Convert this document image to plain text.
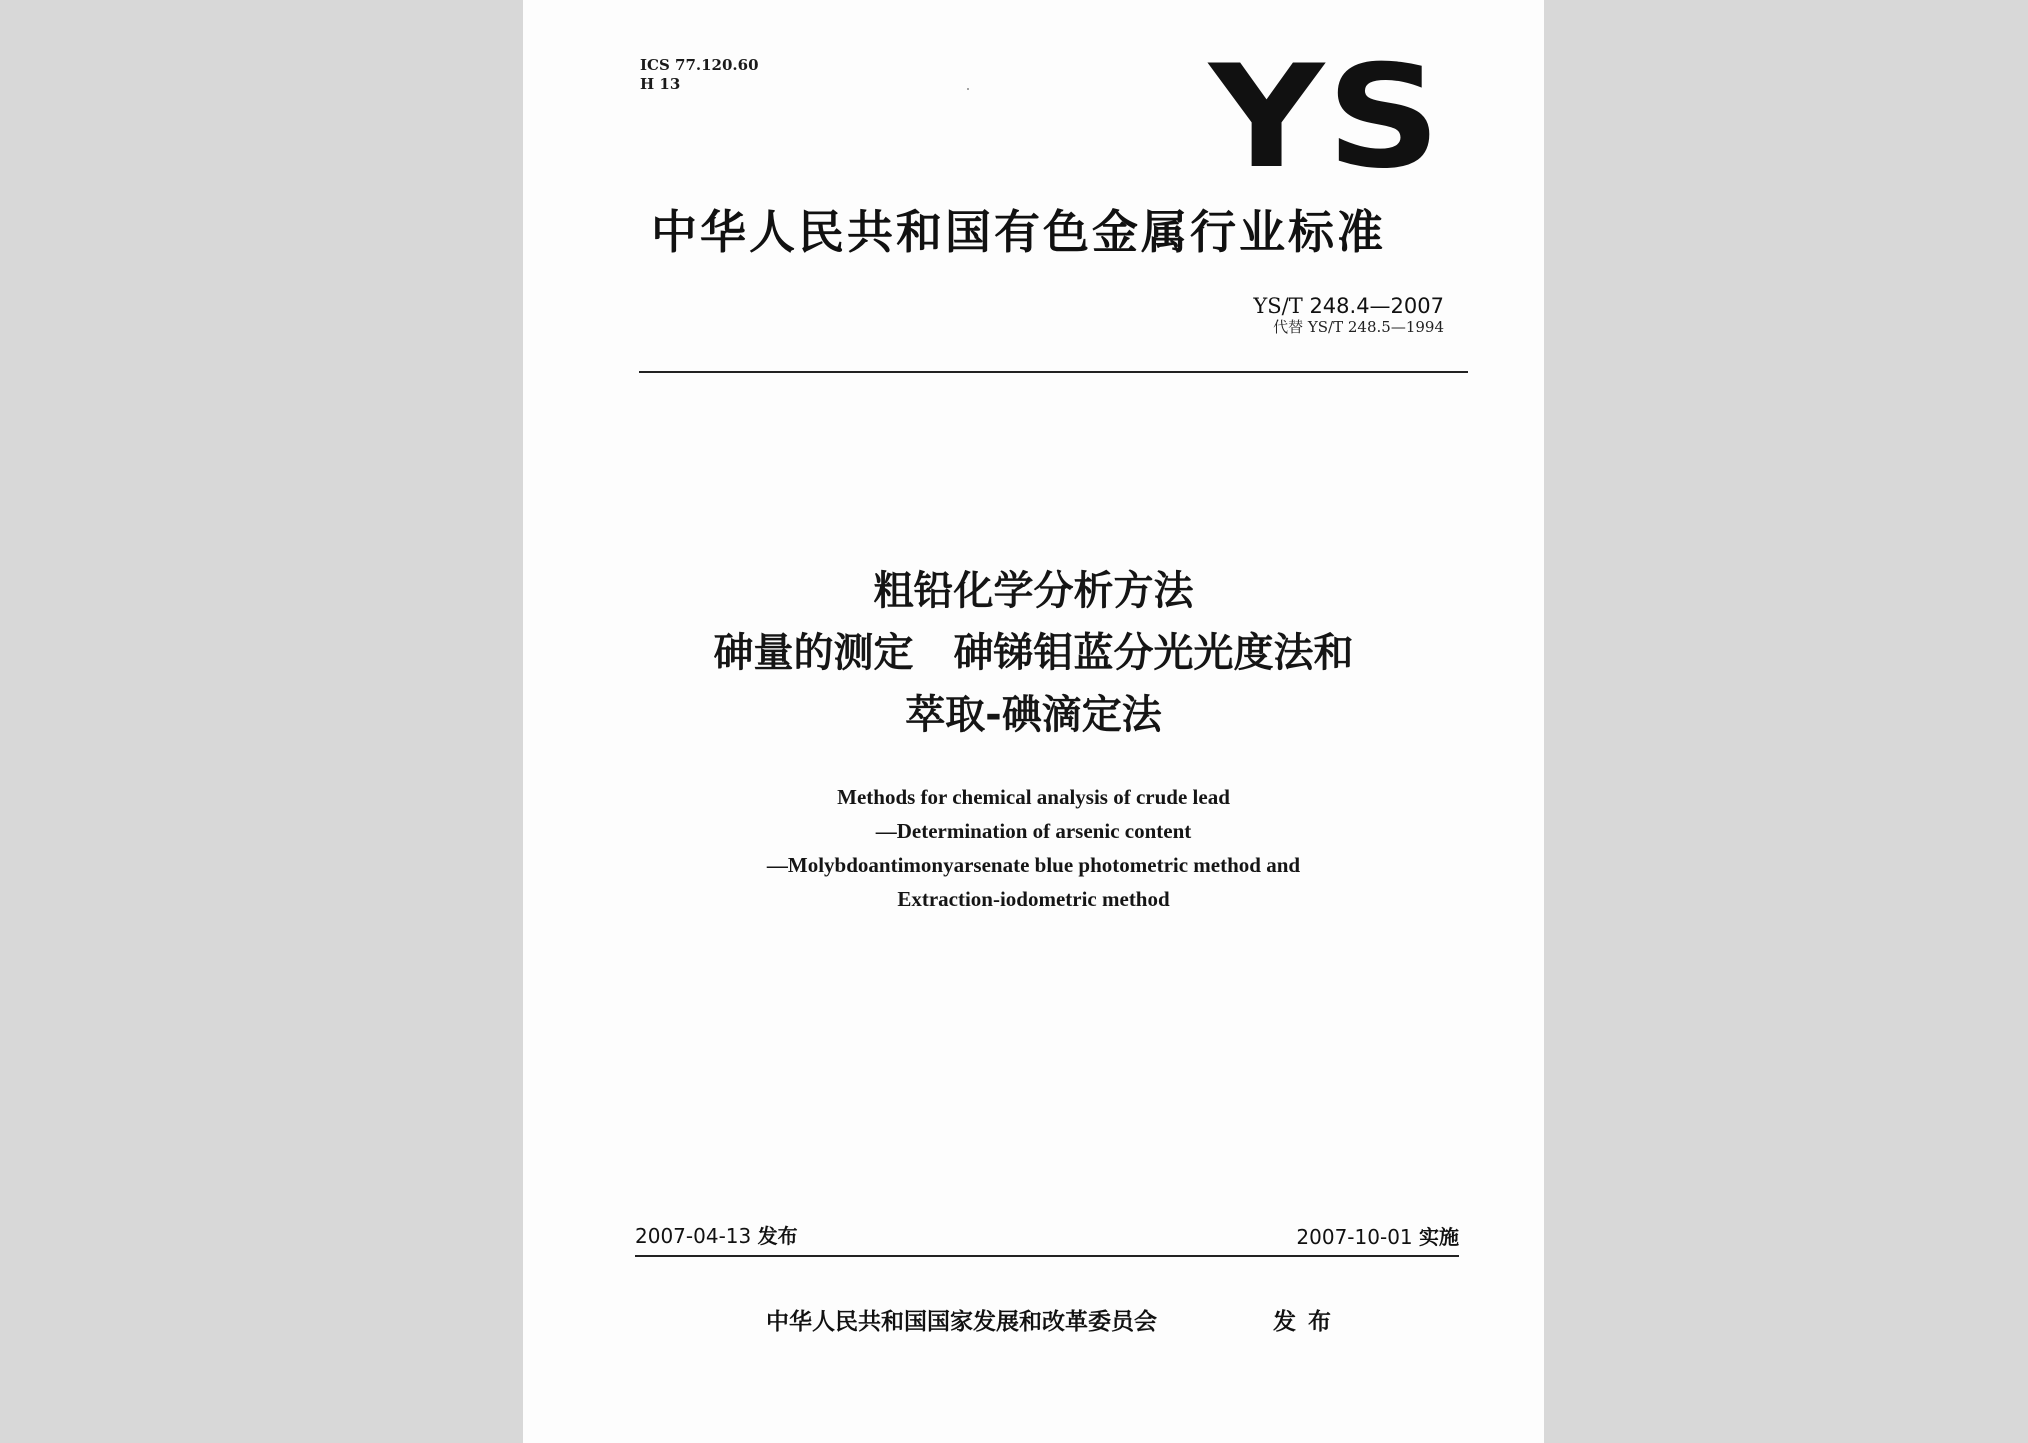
ICS 77.120.60
H 13	YS
中华人民共和国有色金属行业标准
YS/T 248.4—2007
代替 YS/T 248.5—1994
粗铅化学分析方法
砷量的测定　砷锑钼蓝分光光度法和
萃取-碘滴定法
Methods for chemical analysis of crude lead
—Determination of arsenic content
—Molybdoantimonyarsenate blue photometric method and
Extraction-iodometric method
2007-04-13 发布	2007-10-01 实施
中华人民共和国国家发展和改革委员会	发布
